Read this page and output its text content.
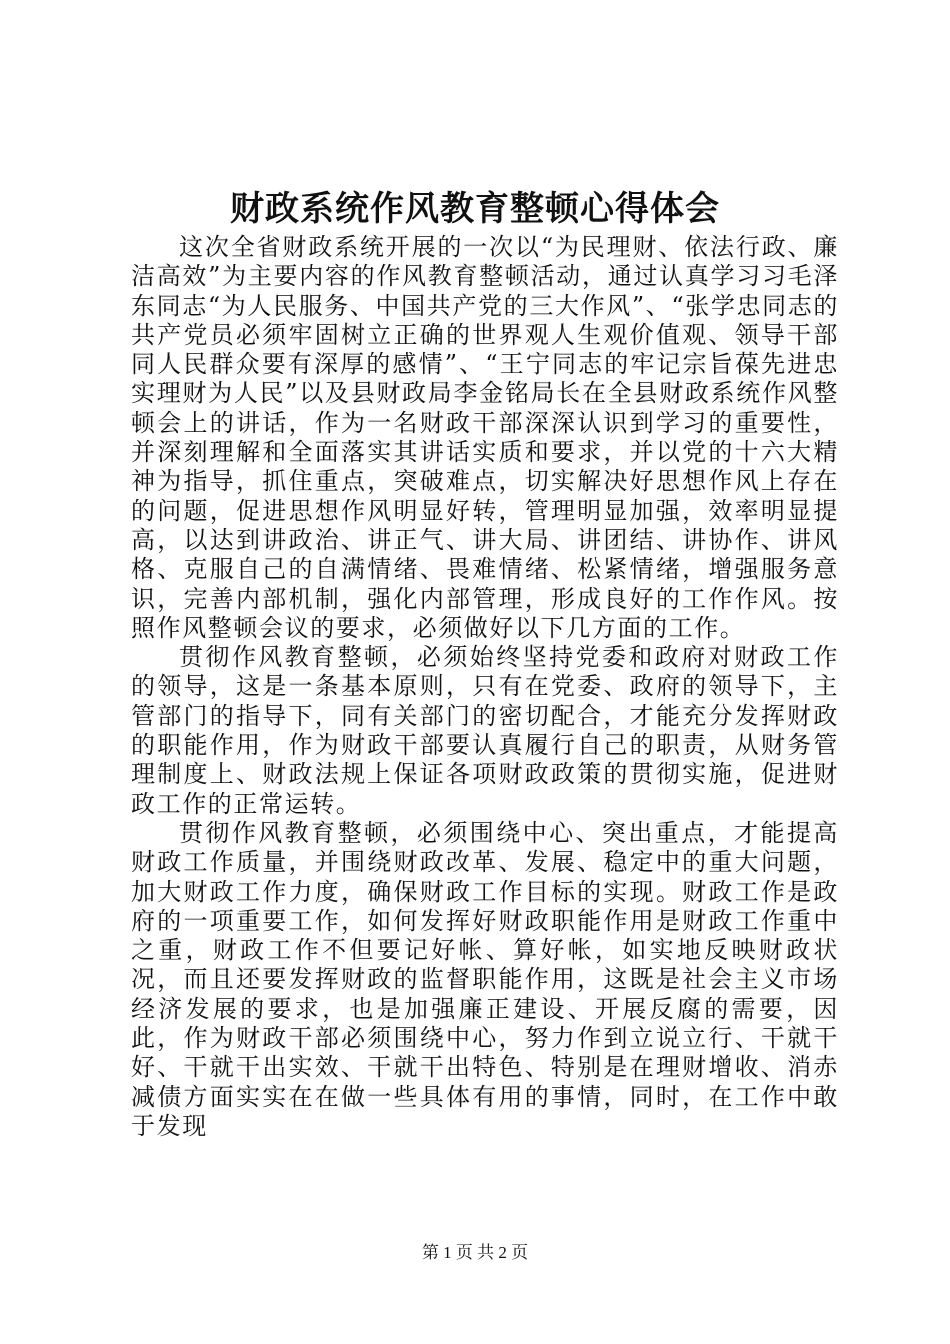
财政系统作风教育整顿心得体会

这次全省财政系统开展的一次以“为民理财、依法行政、廉洁高效”为主要内容的作风教育整顿活动，通过认真学习习毛泽东同志“为人民服务、中国共产党的三大作风”、“张学忠同志的共产党员必须牢固树立正确的世界观人生观价值观、领导干部同人民群众要有深厚的感情”、“王宁同志的牢记宗旨葆先进忠实理财为人民”以及县财政局李金铭局长在全县财政系统作风整顿会上的讲话，作为一名财政干部深深认识到学习的重要性，并深刻理解和全面落实其讲话实质和要求，并以党的十六大精神为指导，抓住重点，突破难点，切实解决好思想作风上存在的问题，促进思想作风明显好转，管理明显加强，效率明显提高，以达到讲政治、讲正气、讲大局、讲团结、讲协作、讲风格、克服自己的自满情绪、畏难情绪、松紧情绪，增强服务意识，完善内部机制，强化内部管理，形成良好的工作作风。按照作风整顿会议的要求，必须做好以下几方面的工作。

贯彻作风教育整顿，必须始终坚持党委和政府对财政工作的领导，这是一条基本原则，只有在党委、政府的领导下，主管部门的指导下，同有关部门的密切配合，才能充分发挥财政的职能作用，作为财政干部要认真履行自己的职责，从财务管理制度上、财政法规上保证各项财政政策的贯彻实施，促进财政工作的正常运转。

贯彻作风教育整顿，必须围绕中心、突出重点，才能提高财政工作质量，并围绕财政改革、发展、稳定中的重大问题，加大财政工作力度，确保财政工作目标的实现。财政工作是政府的一项重要工作，如何发挥好财政职能作用是财政工作重中之重，财政工作不但要记好帐、算好帐，如实地反映财政状况，而且还要发挥财政的监督职能作用，这既是社会主义市场经济发展的要求，也是加强廉正建设、开展反腐的需要，因此，作为财政干部必须围绕中心，努力作到立说立行、干就干好、干就干出实效、干就干出特色、特别是在理财增收、消赤减债方面实实在在做一些具体有用的事情，同时，在工作中敢于发现

第 1 页 共 2 页
